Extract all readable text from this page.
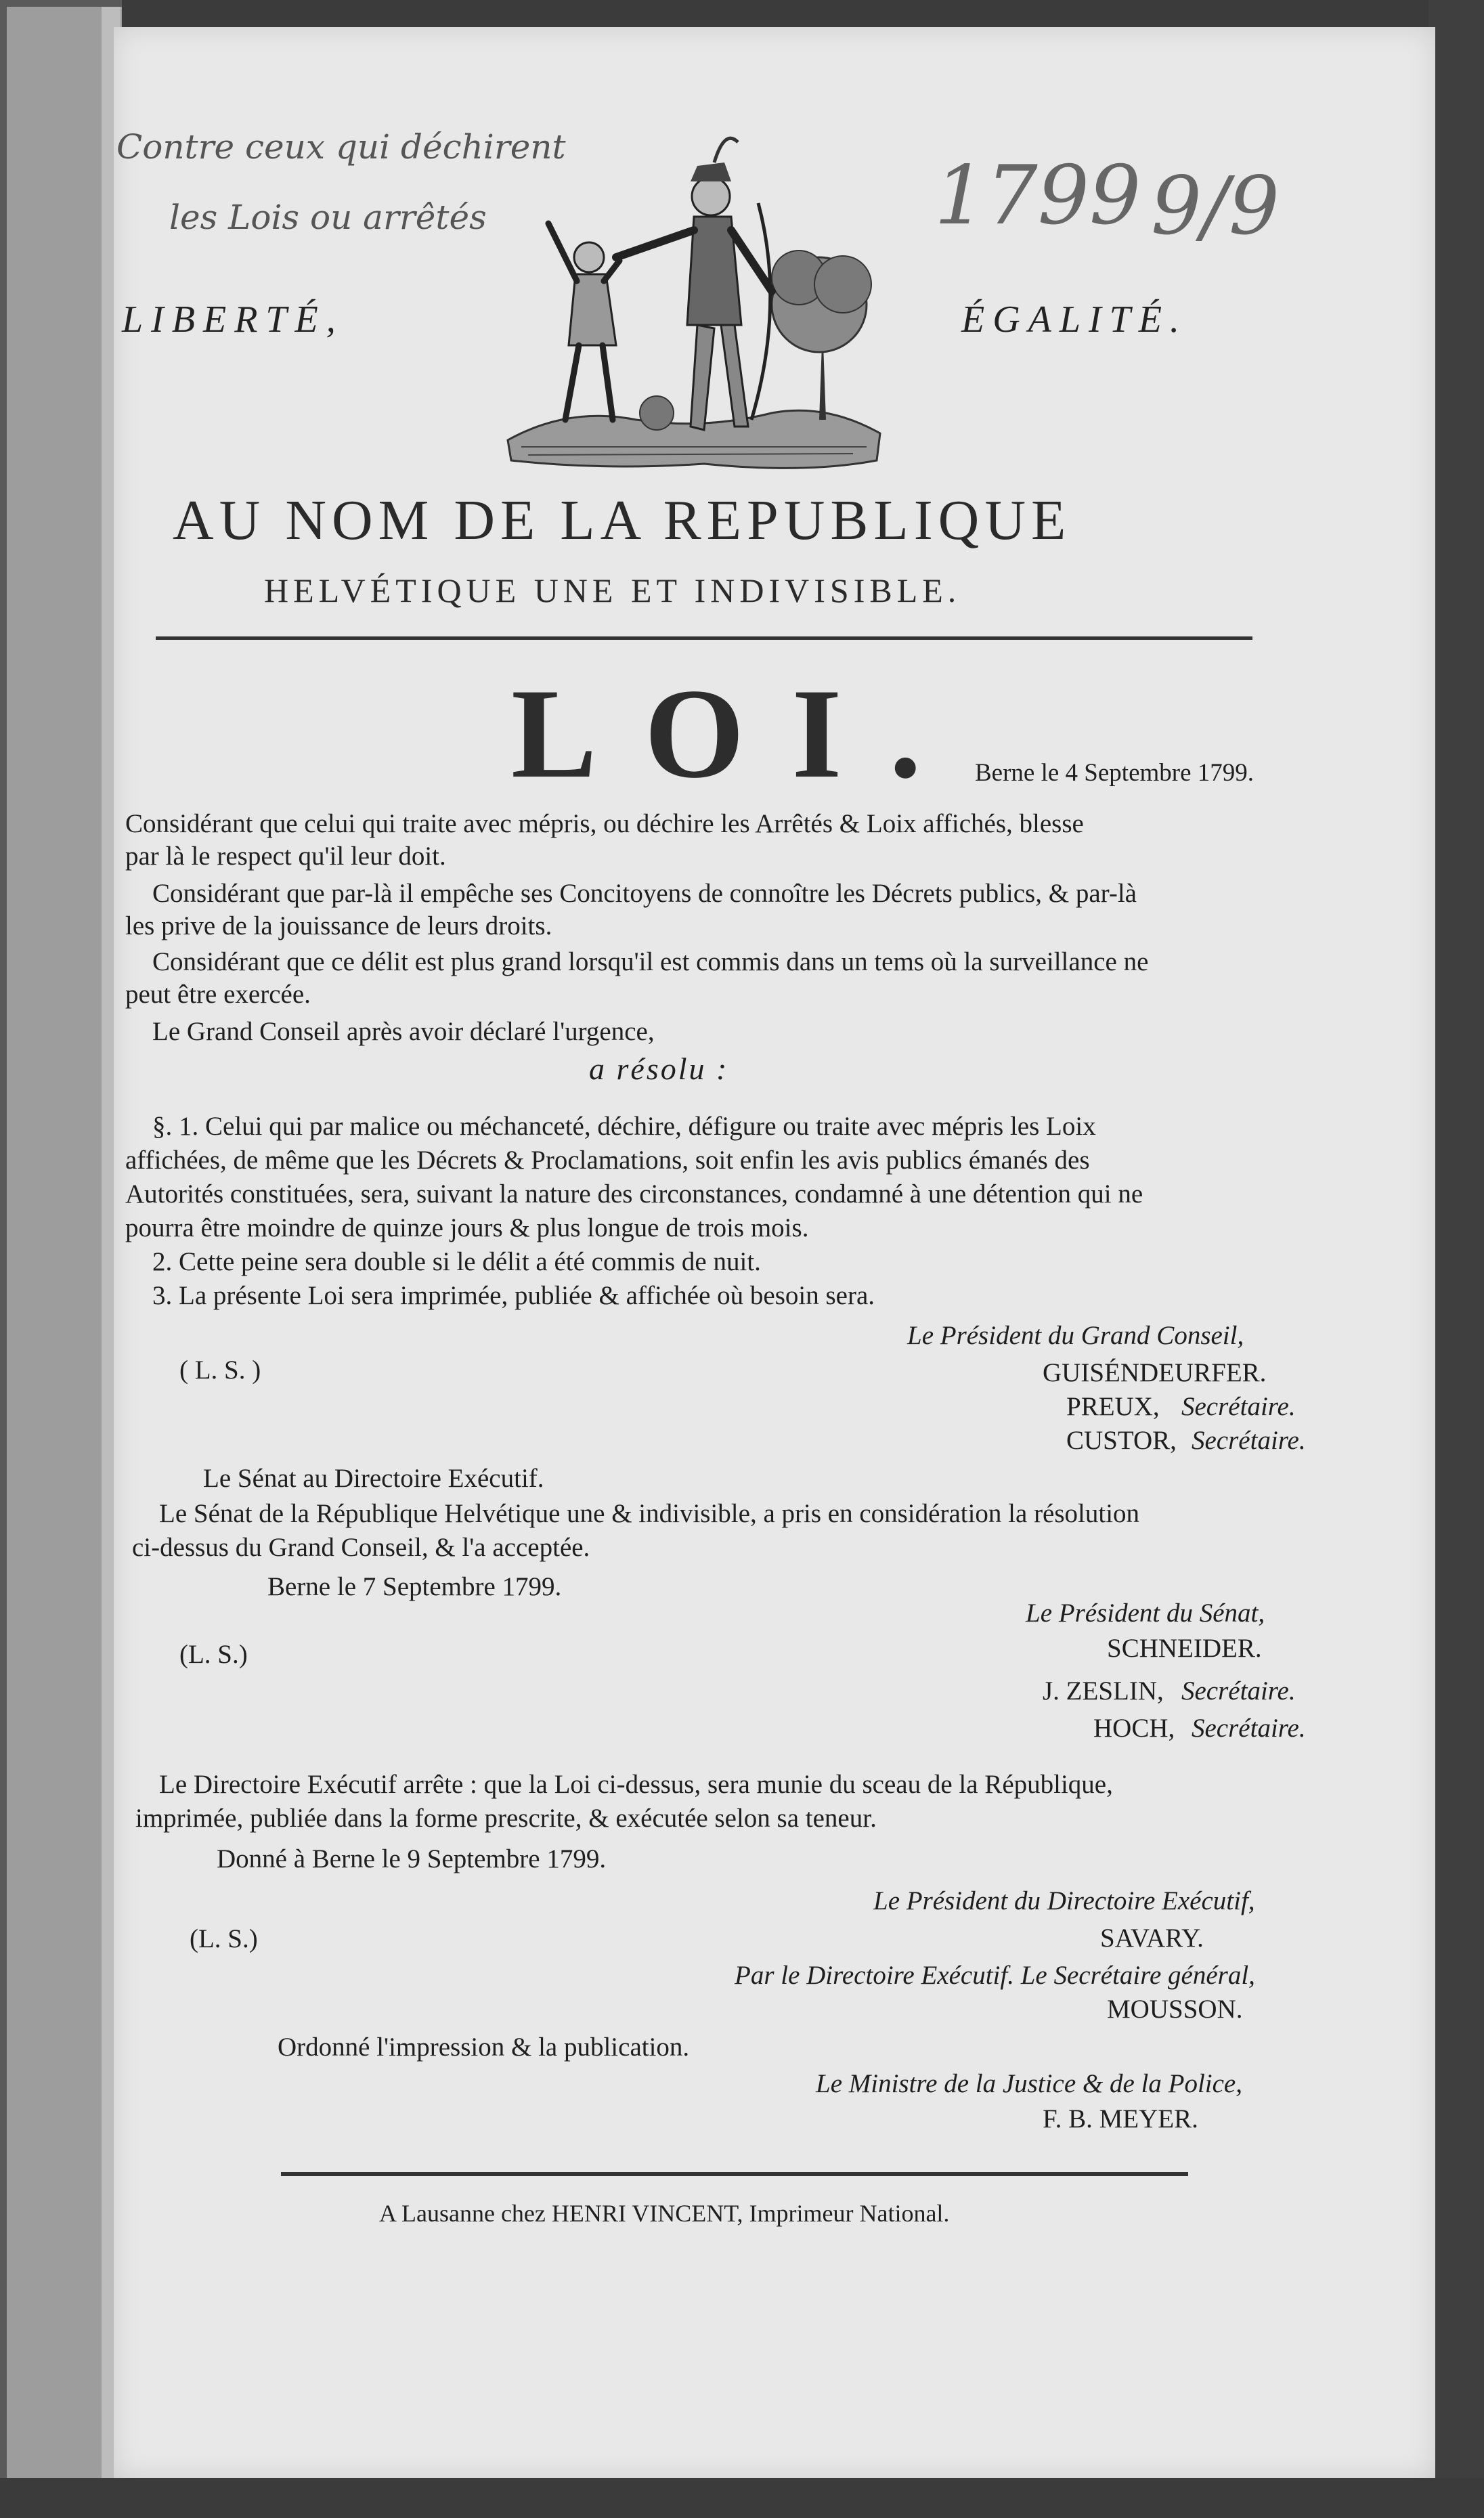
Contre ceux qui déchirent
les Lois ou arrêtés	1799 9/9
LIBERTÉ,	ÉGALITÉ.
AU NOM DE LA REPUBLIQUE
HELVÉTIQUE UNE ET INDIVISIBLE.
LOI. Berne le 4 Septembre 1799.
Considérant que celui qui traite avec mépris, ou déchire les Arrêtés & Loix affichés, blesse
par là le respect qu'il leur doit.
Considérant que par-là il empêche ses Concitoyens de connoître les Décrets publics, & par-là
les prive de la jouissance de leurs droits.
Considérant que ce délit est plus grand lorsqu'il est commis dans un tems où la surveillance ne
peut être exercée.
Le Grand Conseil après avoir déclaré l'urgence,
a résolu :
§. 1. Celui qui par malice ou méchanceté, déchire, défigure ou traite avec mépris les Loix
affichées, de même que les Décrets & Proclamations, soit enfin les avis publics émanés des
Autorités constituées, sera, suivant la nature des circonstances, condamné à une détention qui ne
pourra être moindre de quinze jours & plus longue de trois mois.
2. Cette peine sera double si le délit a été commis de nuit.
3. La présente Loi sera imprimée, publiée & affichée où besoin sera.
Le Président du Grand Conseil,
( L. S. )	GUISÉNDEURFER.
PREUX, Secrétaire.
CUSTOR, Secrétaire.
Le Sénat au Directoire Exécutif.
Le Sénat de la République Helvétique une & indivisible, a pris en considération la résolution
ci-dessus du Grand Conseil, & l'a acceptée.
Berne le 7 Septembre 1799.
Le Président du Sénat,
(L. S.)	SCHNEIDER.
J. ZESLIN, Secrétaire.
HOCH, Secrétaire.
Le Directoire Exécutif arrête : que la Loi ci-dessus, sera munie du sceau de la République,
imprimée, publiée dans la forme prescrite, & exécutée selon sa teneur.
Donné à Berne le 9 Septembre 1799.
Le Président du Directoire Exécutif,
(L. S.)	SAVARY.
Par le Directoire Exécutif. Le Secrétaire général,
MOUSSON.
Ordonné l'impression & la publication.
Le Ministre de la Justice & de la Police,
F. B. MEYER.
A Lausanne chez HENRI VINCENT, Imprimeur National.
